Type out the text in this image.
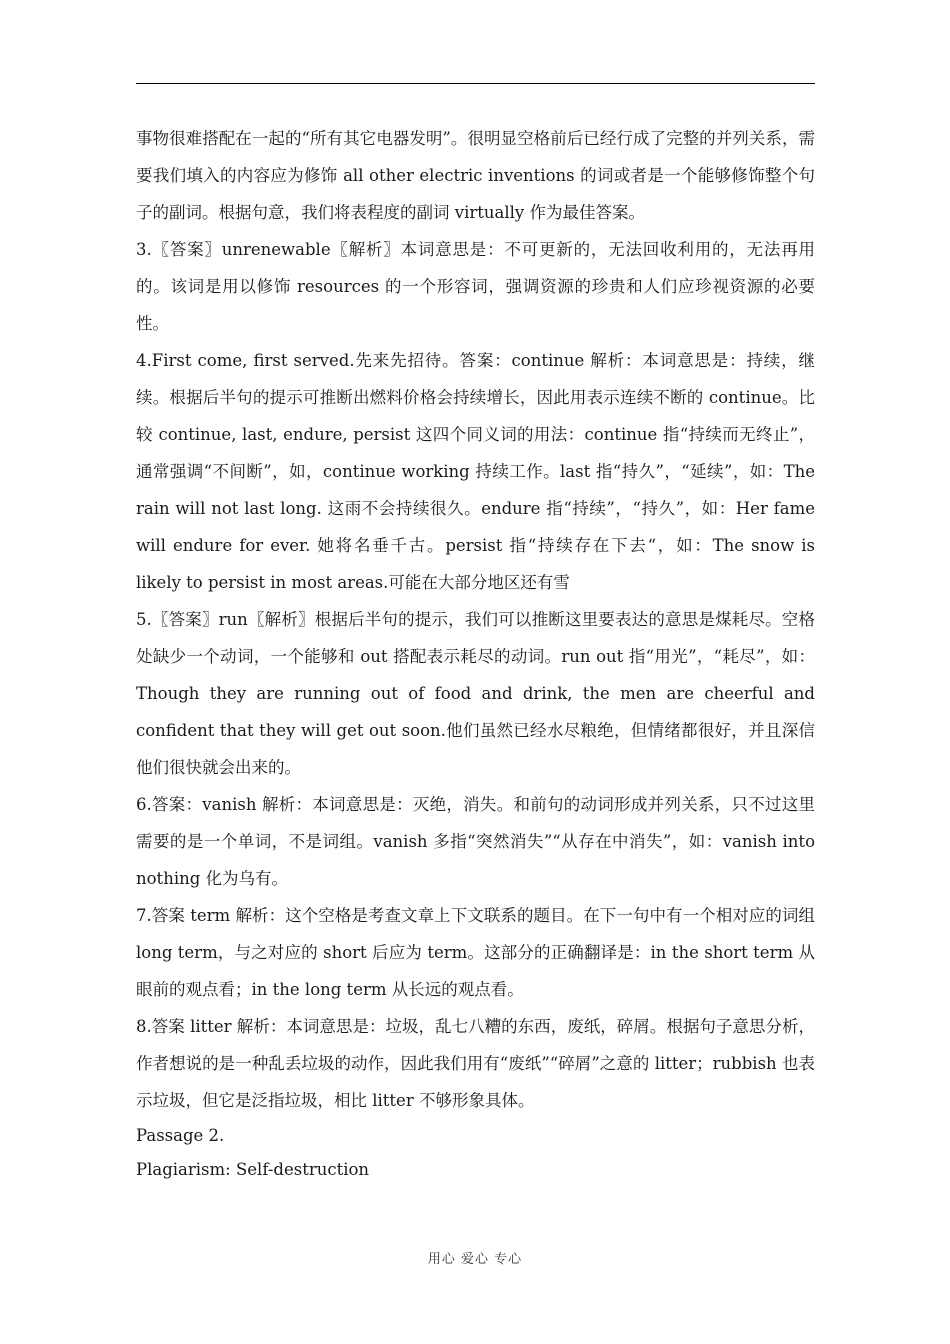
事物很难搭配在一起的“所有其它电器发明”。很明显空格前后已经行成了完整的并列关系，需要我们填入的内容应为修饰 all other electric inventions 的词或者是一个能够修饰整个句子的副词。根据句意，我们将表程度的副词 virtually 作为最佳答案。

3.〖答案〗unrenewable〖解析〗本词意思是：不可更新的，无法回收利用的，无法再用的。该词是用以修饰 resources 的一个形容词，强调资源的珍贵和人们应珍视资源的必要性。

4.First come, first served.先来先招待。答案：continue 解析：本词意思是：持续，继续。根据后半句的提示可推断出燃料价格会持续增长，因此用表示连续不断的 continue。比较 continue, last, endure, persist 这四个同义词的用法：continue 指“持续而无终止”，通常强调“不间断”，如，continue working 持续工作。last 指“持久”，“延续”，如：The rain will not last long. 这雨不会持续很久。endure 指“持续”，“持久”，如：Her fame will endure for ever. 她将名垂千古。persist 指“持续存在下去“，如：The snow is likely to persist in most areas.可能在大部分地区还有雪

5.〖答案〗run〖解析〗根据后半句的提示，我们可以推断这里要表达的意思是煤耗尽。空格处缺少一个动词，一个能够和 out 搭配表示耗尽的动词。run out 指“用光”，“耗尽”，如： Though they are running out of food and drink, the men are cheerful and confident that they will get out soon.他们虽然已经水尽粮绝，但情绪都很好，并且深信他们很快就会出来的。

6.答案：vanish 解析：本词意思是：灭绝，消失。和前句的动词形成并列关系，只不过这里需要的是一个单词，不是词组。vanish 多指“突然消失”“从存在中消失”，如：vanish into nothing 化为乌有。

7.答案 term 解析：这个空格是考查文章上下文联系的题目。在下一句中有一个相对应的词组 long term，与之对应的 short 后应为 term。这部分的正确翻译是：in the short term 从眼前的观点看；in the long term 从长远的观点看。

8.答案 litter 解析：本词意思是：垃圾，乱七八糟的东西，废纸，碎屑。根据句子意思分析，作者想说的是一种乱丢垃圾的动作，因此我们用有“废纸”“碎屑”之意的 litter；rubbish 也表示垃圾，但它是泛指垃圾，相比 litter 不够形象具体。

Passage 2.

Plagiarism: Self-destruction

用心 爱心 专心
